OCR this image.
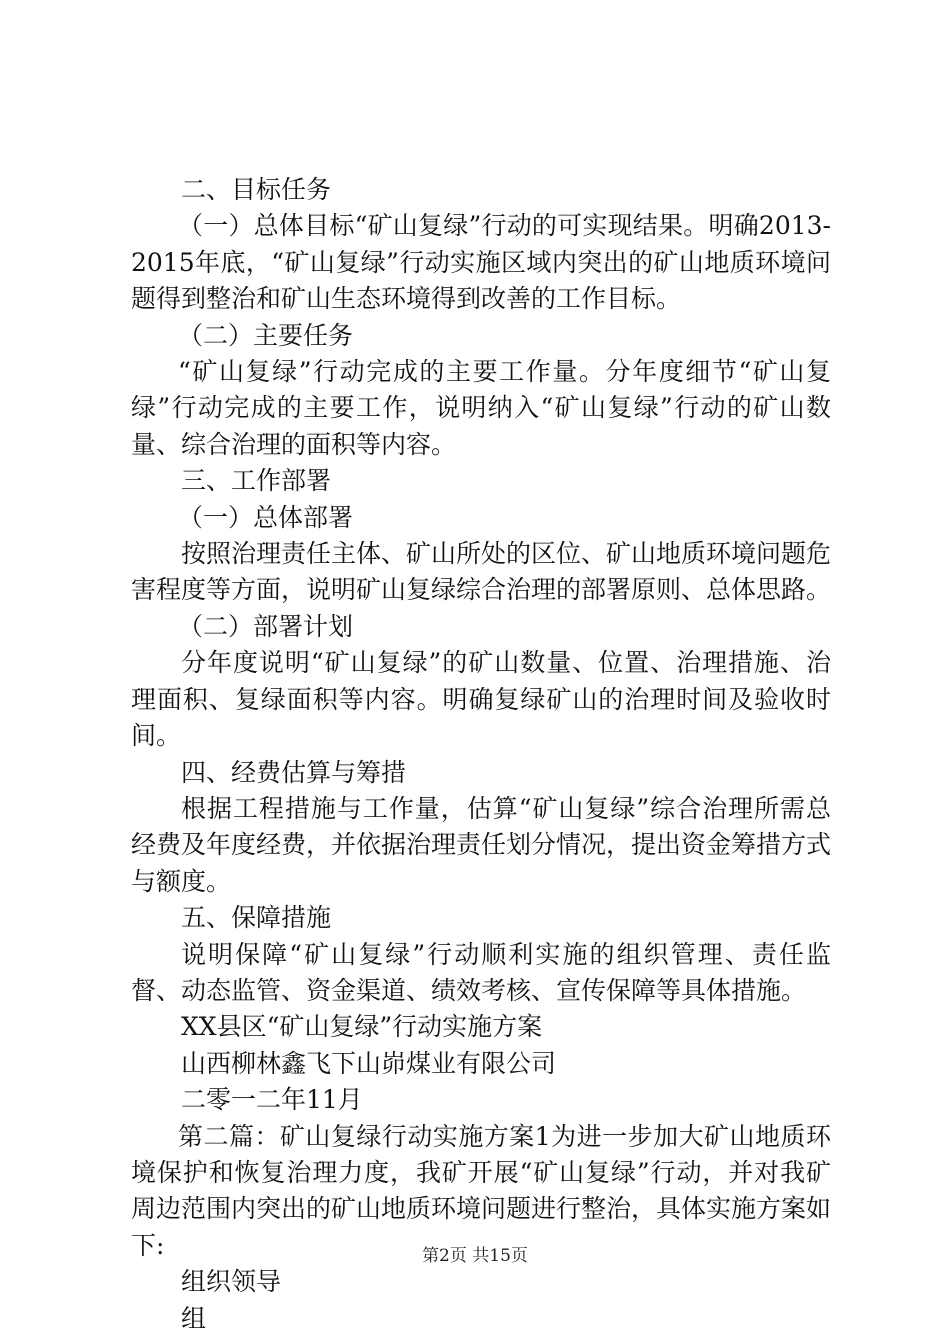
二、目标任务

（一）总体目标“矿山复绿”行动的可实现结果。明确2013-2015年底，“矿山复绿”行动实施区域内突出的矿山地质环境问题得到整治和矿山生态环境得到改善的工作目标。

（二）主要任务

“矿山复绿”行动完成的主要工作量。分年度细节“矿山复绿”行动完成的主要工作，说明纳入“矿山复绿”行动的矿山数量、综合治理的面积等内容。

三、工作部署

（一）总体部署

按照治理责任主体、矿山所处的区位、矿山地质环境问题危害程度等方面，说明矿山复绿综合治理的部署原则、总体思路。

（二）部署计划

分年度说明“矿山复绿”的矿山数量、位置、治理措施、治理面积、复绿面积等内容。明确复绿矿山的治理时间及验收时间。

四、经费估算与筹措

根据工程措施与工作量，估算“矿山复绿”综合治理所需总经费及年度经费，并依据治理责任划分情况，提出资金筹措方式与额度。

五、保障措施

说明保障“矿山复绿”行动顺利实施的组织管理、责任监督、动态监管、资金渠道、绩效考核、宣传保障等具体措施。

XX县区“矿山复绿”行动实施方案

山西柳林鑫飞下山峁煤业有限公司

二零一二年11月

第二篇：矿山复绿行动实施方案1为进一步加大矿山地质环境保护和恢复治理力度，我矿开展“矿山复绿”行动，并对我矿周边范围内突出的矿山地质环境问题进行整治，具体实施方案如下:

组织领导

组

第2页 共15页
